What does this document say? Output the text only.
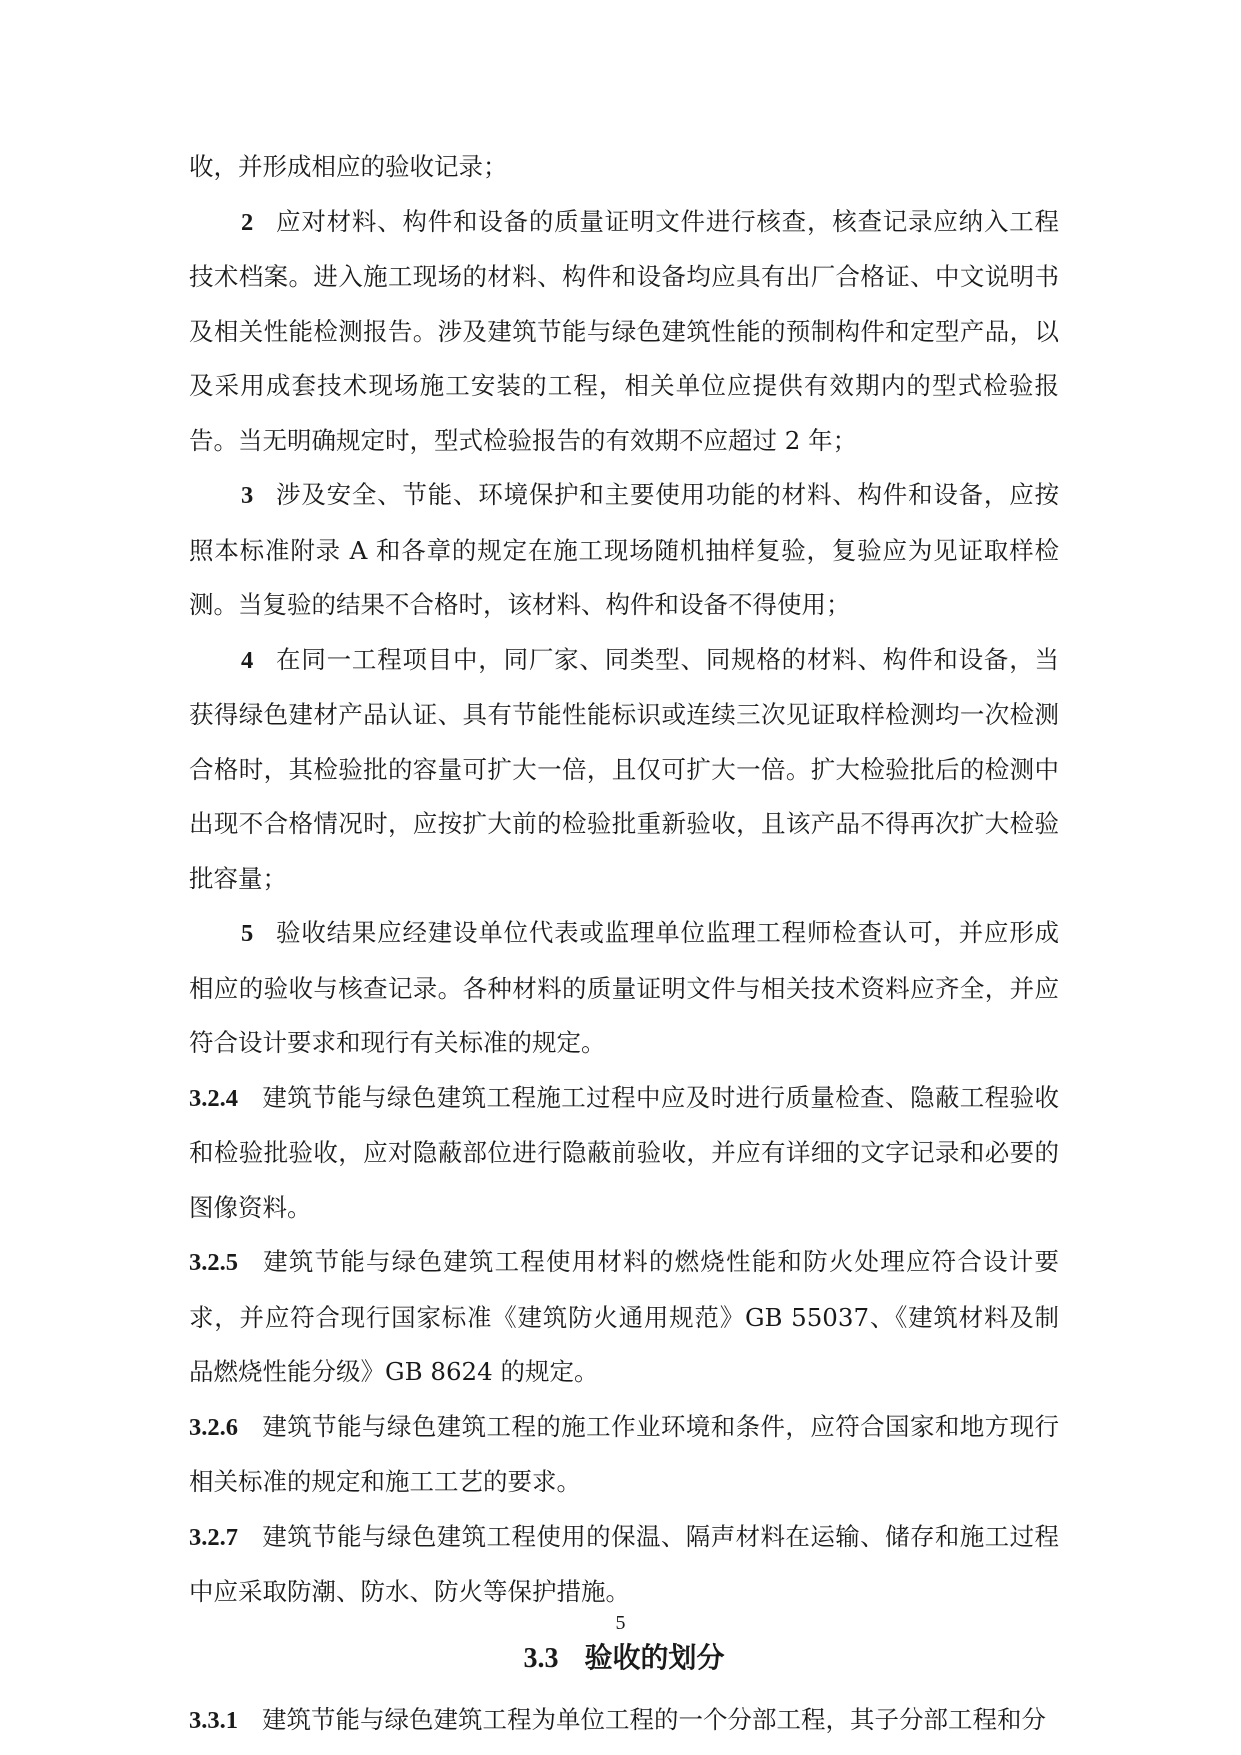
收，并形成相应的验收记录；

2 应对材料、构件和设备的质量证明文件进行核查，核查记录应纳入工程技术档案。进入施工现场的材料、构件和设备均应具有出厂合格证、中文说明书及相关性能检测报告。涉及建筑节能与绿色建筑性能的预制构件和定型产品，以及采用成套技术现场施工安装的工程，相关单位应提供有效期内的型式检验报告。当无明确规定时，型式检验报告的有效期不应超过 2 年；

3 涉及安全、节能、环境保护和主要使用功能的材料、构件和设备，应按照本标准附录 A 和各章的规定在施工现场随机抽样复验，复验应为见证取样检测。当复验的结果不合格时，该材料、构件和设备不得使用；

4 在同一工程项目中，同厂家、同类型、同规格的材料、构件和设备，当获得绿色建材产品认证、具有节能性能标识或连续三次见证取样检测均一次检测合格时，其检验批的容量可扩大一倍，且仅可扩大一倍。扩大检验批后的检测中出现不合格情况时，应按扩大前的检验批重新验收，且该产品不得再次扩大检验批容量；

5 验收结果应经建设单位代表或监理单位监理工程师检查认可，并应形成相应的验收与核查记录。各种材料的质量证明文件与相关技术资料应齐全，并应符合设计要求和现行有关标准的规定。

3.2.4 建筑节能与绿色建筑工程施工过程中应及时进行质量检查、隐蔽工程验收和检验批验收，应对隐蔽部位进行隐蔽前验收，并应有详细的文字记录和必要的图像资料。

3.2.5 建筑节能与绿色建筑工程使用材料的燃烧性能和防火处理应符合设计要求，并应符合现行国家标准《建筑防火通用规范》GB 55037、《建筑材料及制品燃烧性能分级》GB 8624 的规定。

3.2.6 建筑节能与绿色建筑工程的施工作业环境和条件，应符合国家和地方现行相关标准的规定和施工工艺的要求。

3.2.7 建筑节能与绿色建筑工程使用的保温、隔声材料在运输、储存和施工过程中应采取防潮、防水、防火等保护措施。

3.3 验收的划分

3.3.1 建筑节能与绿色建筑工程为单位工程的一个分部工程，其子分部工程和分

5
